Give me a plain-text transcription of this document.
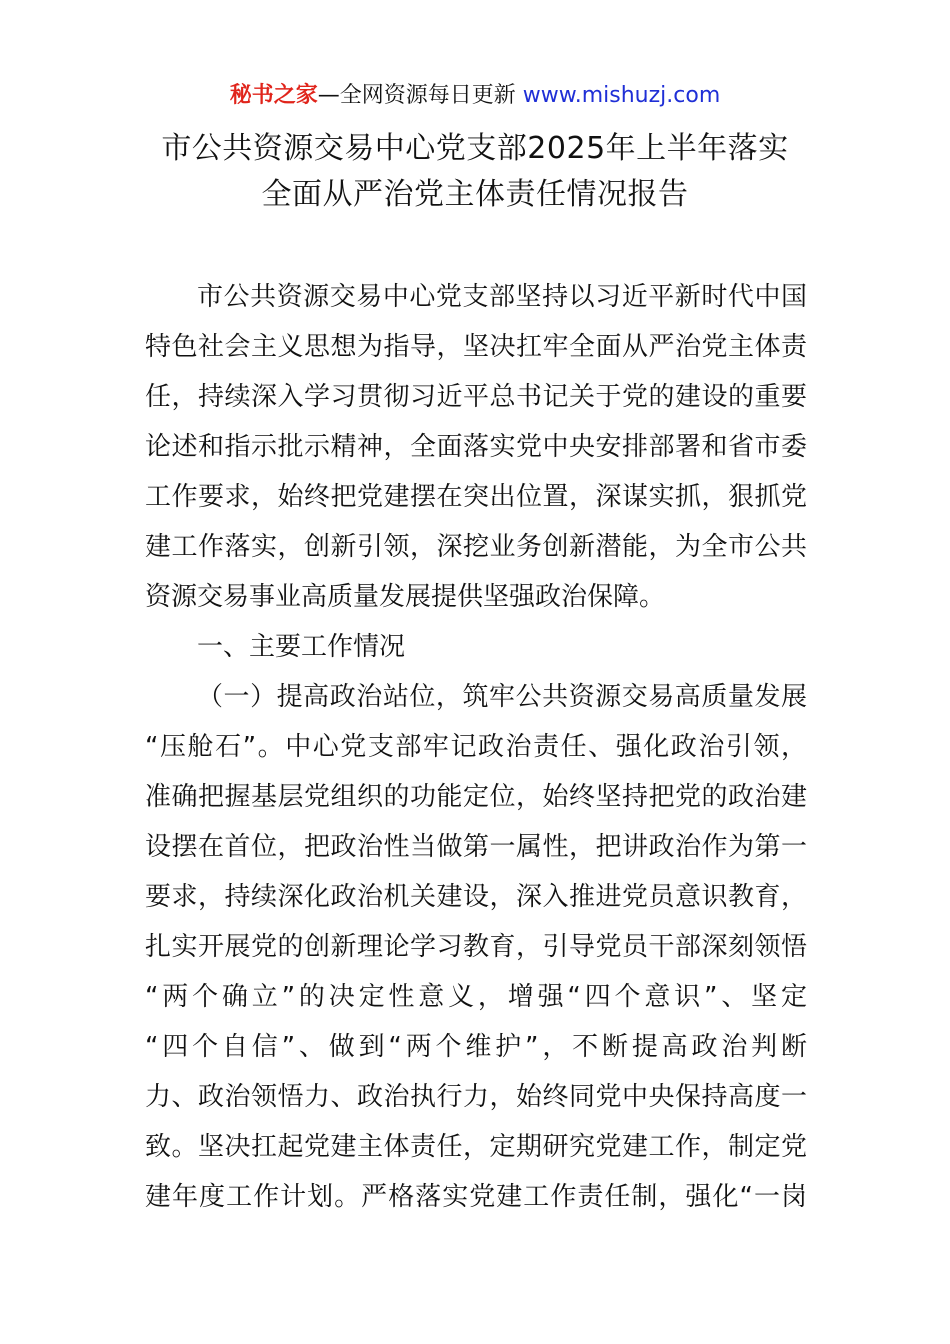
秘书之家—全网资源每日更新 www.mishuzj.com
市公共资源交易中心党支部2025年上半年落实
全面从严治党主体责任情况报告
市公共资源交易中心党支部坚持以习近平新时代中国
特色社会主义思想为指导，坚决扛牢全面从严治党主体责
任，持续深入学习贯彻习近平总书记关于党的建设的重要
论述和指示批示精神，全面落实党中央安排部署和省市委
工作要求，始终把党建摆在突出位置，深谋实抓，狠抓党
建工作落实，创新引领，深挖业务创新潜能，为全市公共
资源交易事业高质量发展提供坚强政治保障。
一、主要工作情况
（一）提高政治站位，筑牢公共资源交易高质量发展
“压舱石”。中心党支部牢记政治责任、强化政治引领，
准确把握基层党组织的功能定位，始终坚持把党的政治建
设摆在首位，把政治性当做第一属性，把讲政治作为第一
要求，持续深化政治机关建设，深入推进党员意识教育，
扎实开展党的创新理论学习教育，引导党员干部深刻领悟
“两个确立”的决定性意义，增强“四个意识”、坚定
“四个自信”、做到“两个维护”，不断提高政治判断
力、政治领悟力、政治执行力，始终同党中央保持高度一
致。坚决扛起党建主体责任，定期研究党建工作，制定党
建年度工作计划。严格落实党建工作责任制，强化“一岗
